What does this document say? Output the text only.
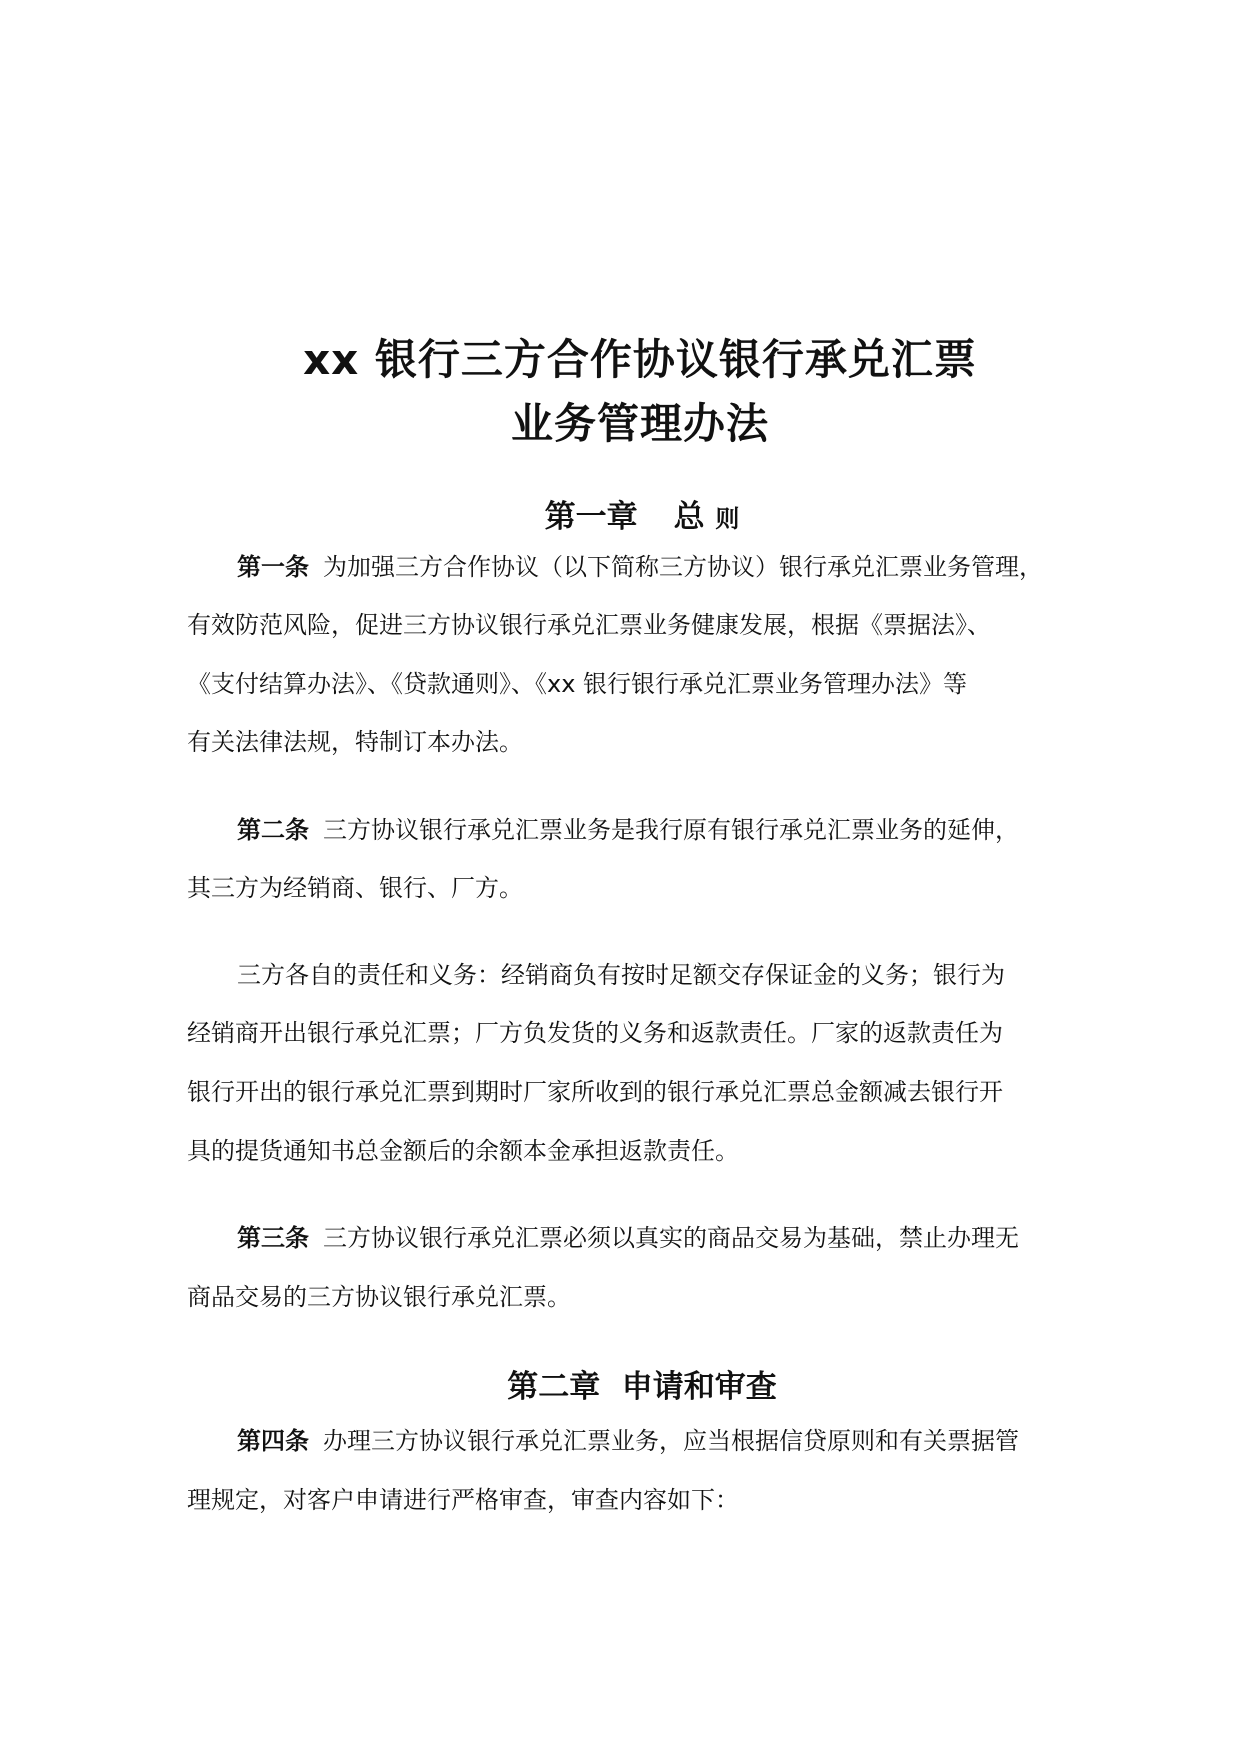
xx 银行三方合作协议银行承兑汇票
业务管理办法
第一章 总 则
第一条 为加强三方合作协议（以下简称三方协议）银行承兑汇票业务管理，
有效防范风险，促进三方协议银行承兑汇票业务健康发展，根据《票据法》、
《支付结算办法》、《贷款通则》、《xx 银行银行承兑汇票业务管理办法》等
有关法律法规，特制订本办法。
第二条 三方协议银行承兑汇票业务是我行原有银行承兑汇票业务的延伸，
其三方为经销商、银行、厂方。
三方各自的责任和义务：经销商负有按时足额交存保证金的义务；银行为
经销商开出银行承兑汇票；厂方负发货的义务和返款责任。厂家的返款责任为
银行开出的银行承兑汇票到期时厂家所收到的银行承兑汇票总金额减去银行开
具的提货通知书总金额后的余额本金承担返款责任。
第三条 三方协议银行承兑汇票必须以真实的商品交易为基础，禁止办理无
商品交易的三方协议银行承兑汇票。
第二章 申请和审查
第四条 办理三方协议银行承兑汇票业务，应当根据信贷原则和有关票据管
理规定，对客户申请进行严格审查，审查内容如下：
